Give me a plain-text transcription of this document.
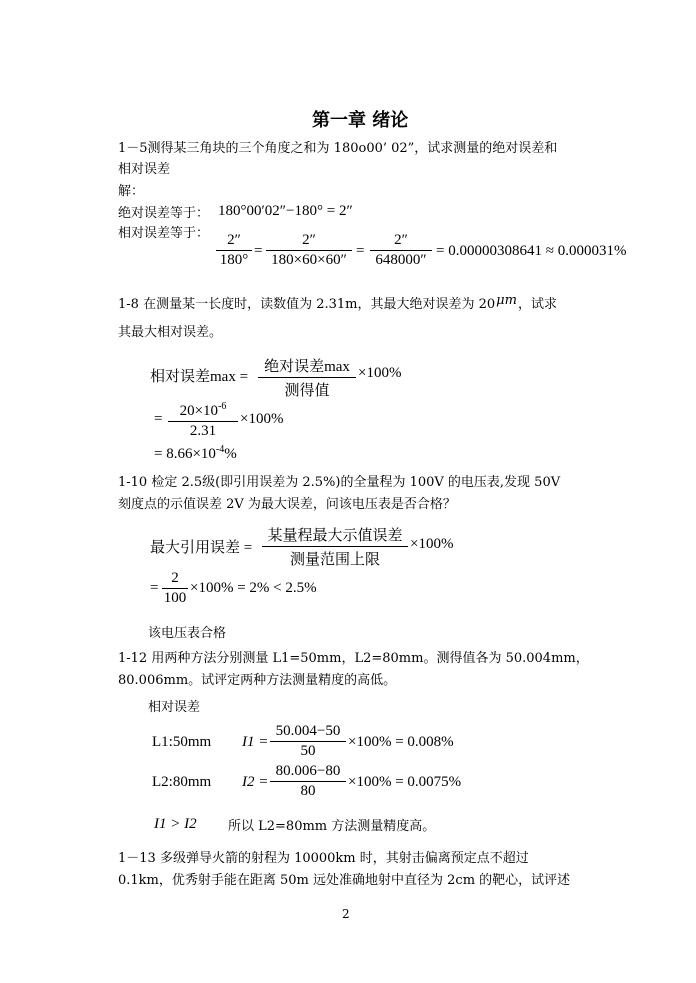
第一章 绪论
1－5测得某三角块的三个角度之和为 180o00’ 02”，试求测量的绝对误差和
相对误差
解：
绝对误差等于： 180°00′02″−180° = 2″
相对误差等于： $\frac{2''}{180^\circ} = \frac{2''}{180\times 60\times 60''} = \frac{2''}{648000''} = 0.00000308641 \approx 0.000031\%$
1-8 在测量某一长度时，读数值为 2.31m，其最大绝对误差为 20μm，试求
其最大相对误差。
相对误差max =
绝对误差max
测得值
×100%
= $\frac{20\times 10^{-6}}{2.31} \times 100\%$
= $8.66\times 10^{-4}\%$
1-10 检定 2.5级(即引用误差为 2.5%)的全量程为 100V 的电压表,发现 50V
刻度点的示值误差 2V 为最大误差，问该电压表是否合格？
最大引用误差 =
某量程最大示值误差
测量范围上限
×100%
= $\frac{2}{100} \times 100\% = 2\% < 2.5\%$
该电压表合格
1-12 用两种方法分别测量 L1=50mm，L2=80mm。测得值各为 50.004mm，
80.006mm。试评定两种方法测量精度的高低。
相对误差
L1:50mm $I1 = \frac{50.004-50}{50} \times 100\% = 0.008\%$
L2:80mm $I2 = \frac{80.006-80}{80} \times 100\% = 0.0075\%$
I1 > I2 所以 L2=80mm 方法测量精度高。
1－13 多级弹导火箭的射程为 10000km 时，其射击偏离预定点不超过
0.1km，优秀射手能在距离 50m 远处准确地射中直径为 2cm 的靶心，试评述
2
